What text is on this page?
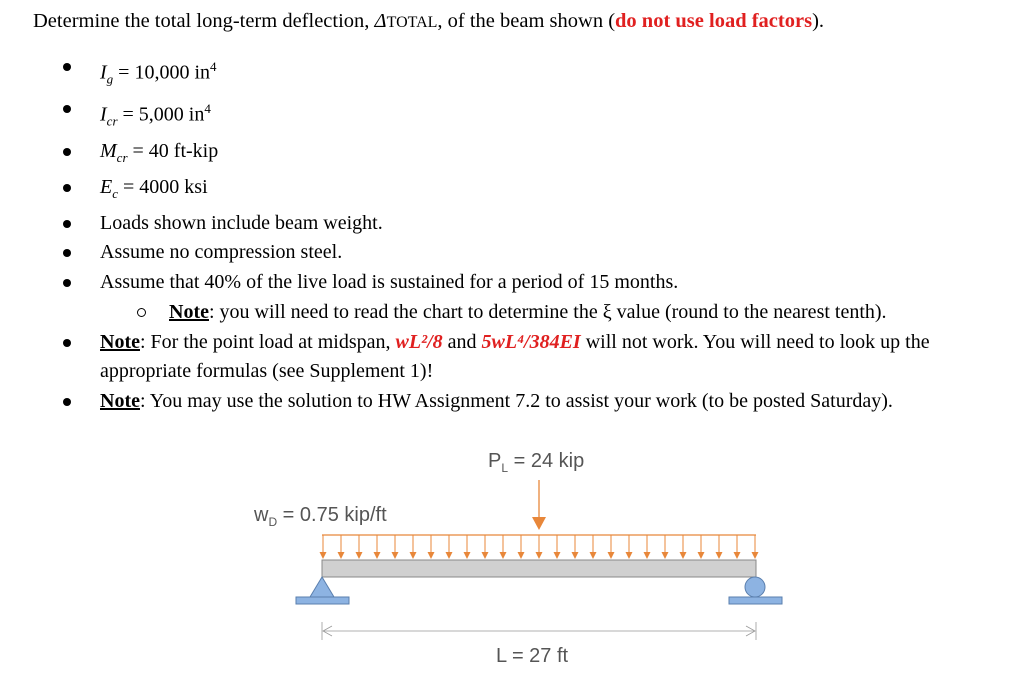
Determine the total long-term deflection, ΔTOTAL, of the beam shown (do not use load factors).
$I_g = 10,000$ $in^4$
$I_{cr} = 5,000$ $in^4$
$M_{cr} = 40$ ft-kip
$E_c = 4000$ ksi
Loads shown include beam weight.
Assume no compression steel.
Assume that 40% of the live load is sustained for a period of 15 months.
Note: you will need to read the chart to determine the ξ value (round to the nearest tenth).
Note: For the point load at midspan, wL²/8 and 5wL⁴/384EI will not work. You will need to look up the appropriate formulas (see Supplement 1)!
Note: You may use the solution to HW Assignment 7.2 to assist your work (to be posted Saturday).
$P_L = 24$ kip
$w_D = 0.75$ kip/ft
L = 27 ft
